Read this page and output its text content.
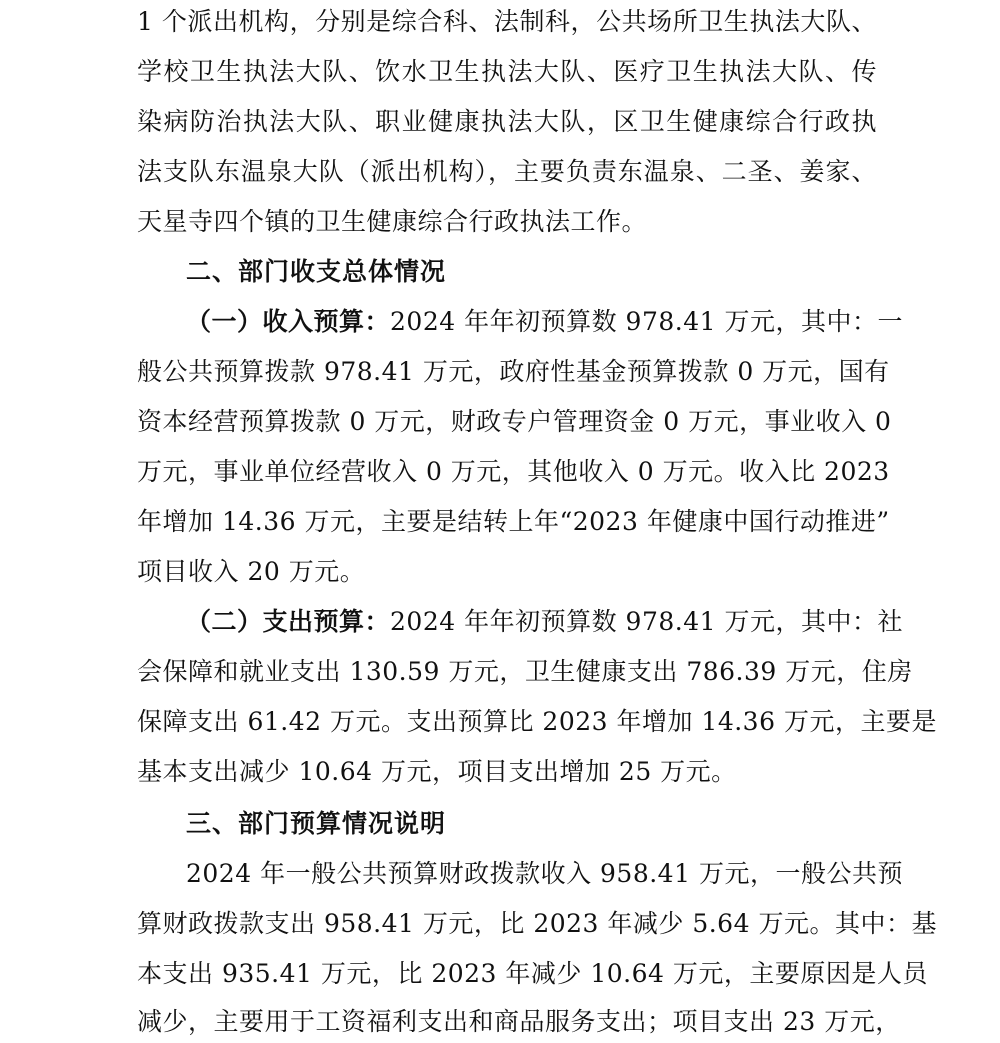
1 个派出机构，分别是综合科、法制科，公共场所卫生执法大队、
学校卫生执法大队、饮水卫生执法大队、医疗卫生执法大队、传
染病防治执法大队、职业健康执法大队，区卫生健康综合行政执
法支队东温泉大队（派出机构），主要负责东温泉、二圣、姜家、
天星寺四个镇的卫生健康综合行政执法工作。
二、部门收支总体情况
（一）收入预算：2024 年年初预算数 978.41 万元，其中：一
般公共预算拨款 978.41 万元，政府性基金预算拨款 0 万元，国有
资本经营预算拨款 0 万元，财政专户管理资金 0 万元，事业收入 0
万元，事业单位经营收入 0 万元，其他收入 0 万元。收入比 2023
年增加 14.36 万元，主要是结转上年“2023 年健康中国行动推进”
项目收入 20 万元。
（二）支出预算：2024 年年初预算数 978.41 万元，其中：社
会保障和就业支出 130.59 万元，卫生健康支出 786.39 万元，住房
保障支出 61.42 万元。支出预算比 2023 年增加 14.36 万元，主要是
基本支出减少 10.64 万元，项目支出增加 25 万元。
三、部门预算情况说明
2024 年一般公共预算财政拨款收入 958.41 万元，一般公共预
算财政拨款支出 958.41 万元，比 2023 年减少 5.64 万元。其中：基
本支出 935.41 万元，比 2023 年减少 10.64 万元，主要原因是人员
减少，主要用于工资福利支出和商品服务支出；项目支出 23 万元，
